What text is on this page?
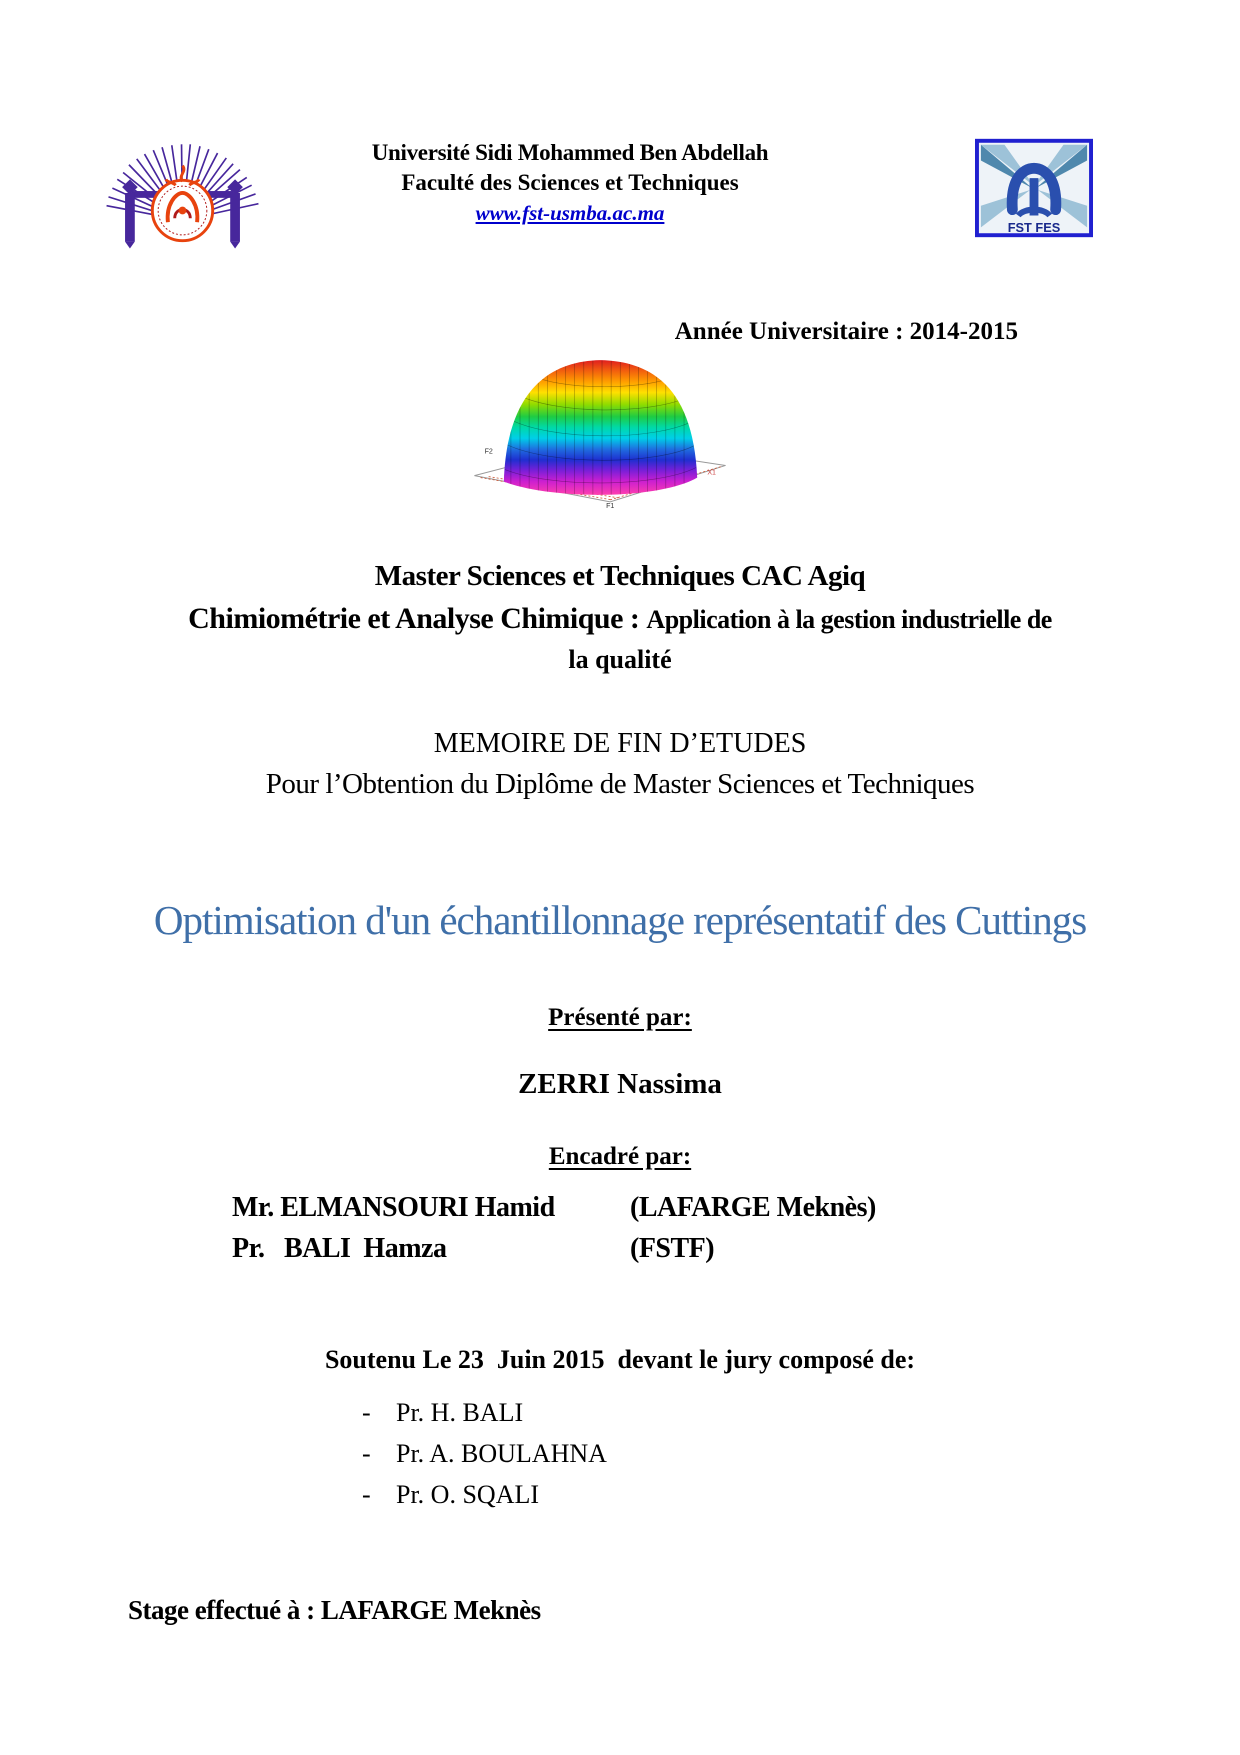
Université Sidi Mohammed Ben Abdellah
Faculté des Sciences et Techniques
www.fst-usmba.ac.ma
FST FES
Année Universitaire : 2014-2015
F2
F1
X1
Master Sciences et Techniques CAC Agiq
Chimiométrie et Analyse Chimique : Application à la gestion industrielle de
la qualité
MEMOIRE DE FIN D’ETUDES
Pour l’Obtention du Diplôme de Master Sciences et Techniques
Optimisation d'un échantillonnage représentatif des Cuttings
Présenté par:
ZERRI Nassima
Encadré par:
Mr. ELMANSOURI Hamid	(LAFARGE Meknès)
Pr.   BALI  Hamza	(FSTF)
Soutenu Le 23  Juin 2015  devant le jury composé de:
- Pr. H. BALI
- Pr. A. BOULAHNA
- Pr. O. SQALI
Stage effectué à : LAFARGE Meknès
